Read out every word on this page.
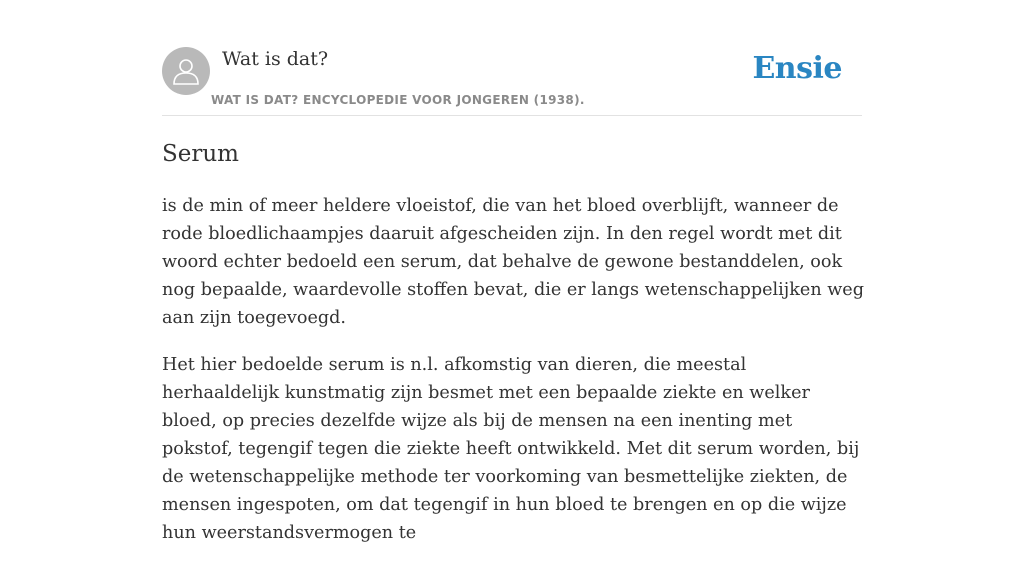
Wat is dat?
WAT IS DAT? ENCYCLOPEDIE VOOR JONGEREN (1938).
Ensie
Serum

is de min of meer heldere vloeistof, die van het bloed overblijft, wanneer de rode bloedlichaampjes daaruit afgescheiden zijn. In den regel wordt met dit woord echter bedoeld een serum, dat behalve de gewone bestanddelen, ook nog bepaalde, waardevolle stoffen bevat, die er langs wetenschappelijken weg aan zijn toegevoegd.

Het hier bedoelde serum is n.l. afkomstig van dieren, die meestal herhaaldelijk kunstmatig zijn besmet met een bepaalde ziekte en welker bloed, op precies dezelfde wijze als bij de mensen na een inenting met pokstof, tegengif tegen die ziekte heeft ontwikkeld. Met dit serum worden, bij de wetenschappelijke methode ter voorkoming van besmettelijke ziekten, de mensen ingespoten, om dat tegengif in hun bloed te brengen en op die wijze hun weerstandsvermogen te
